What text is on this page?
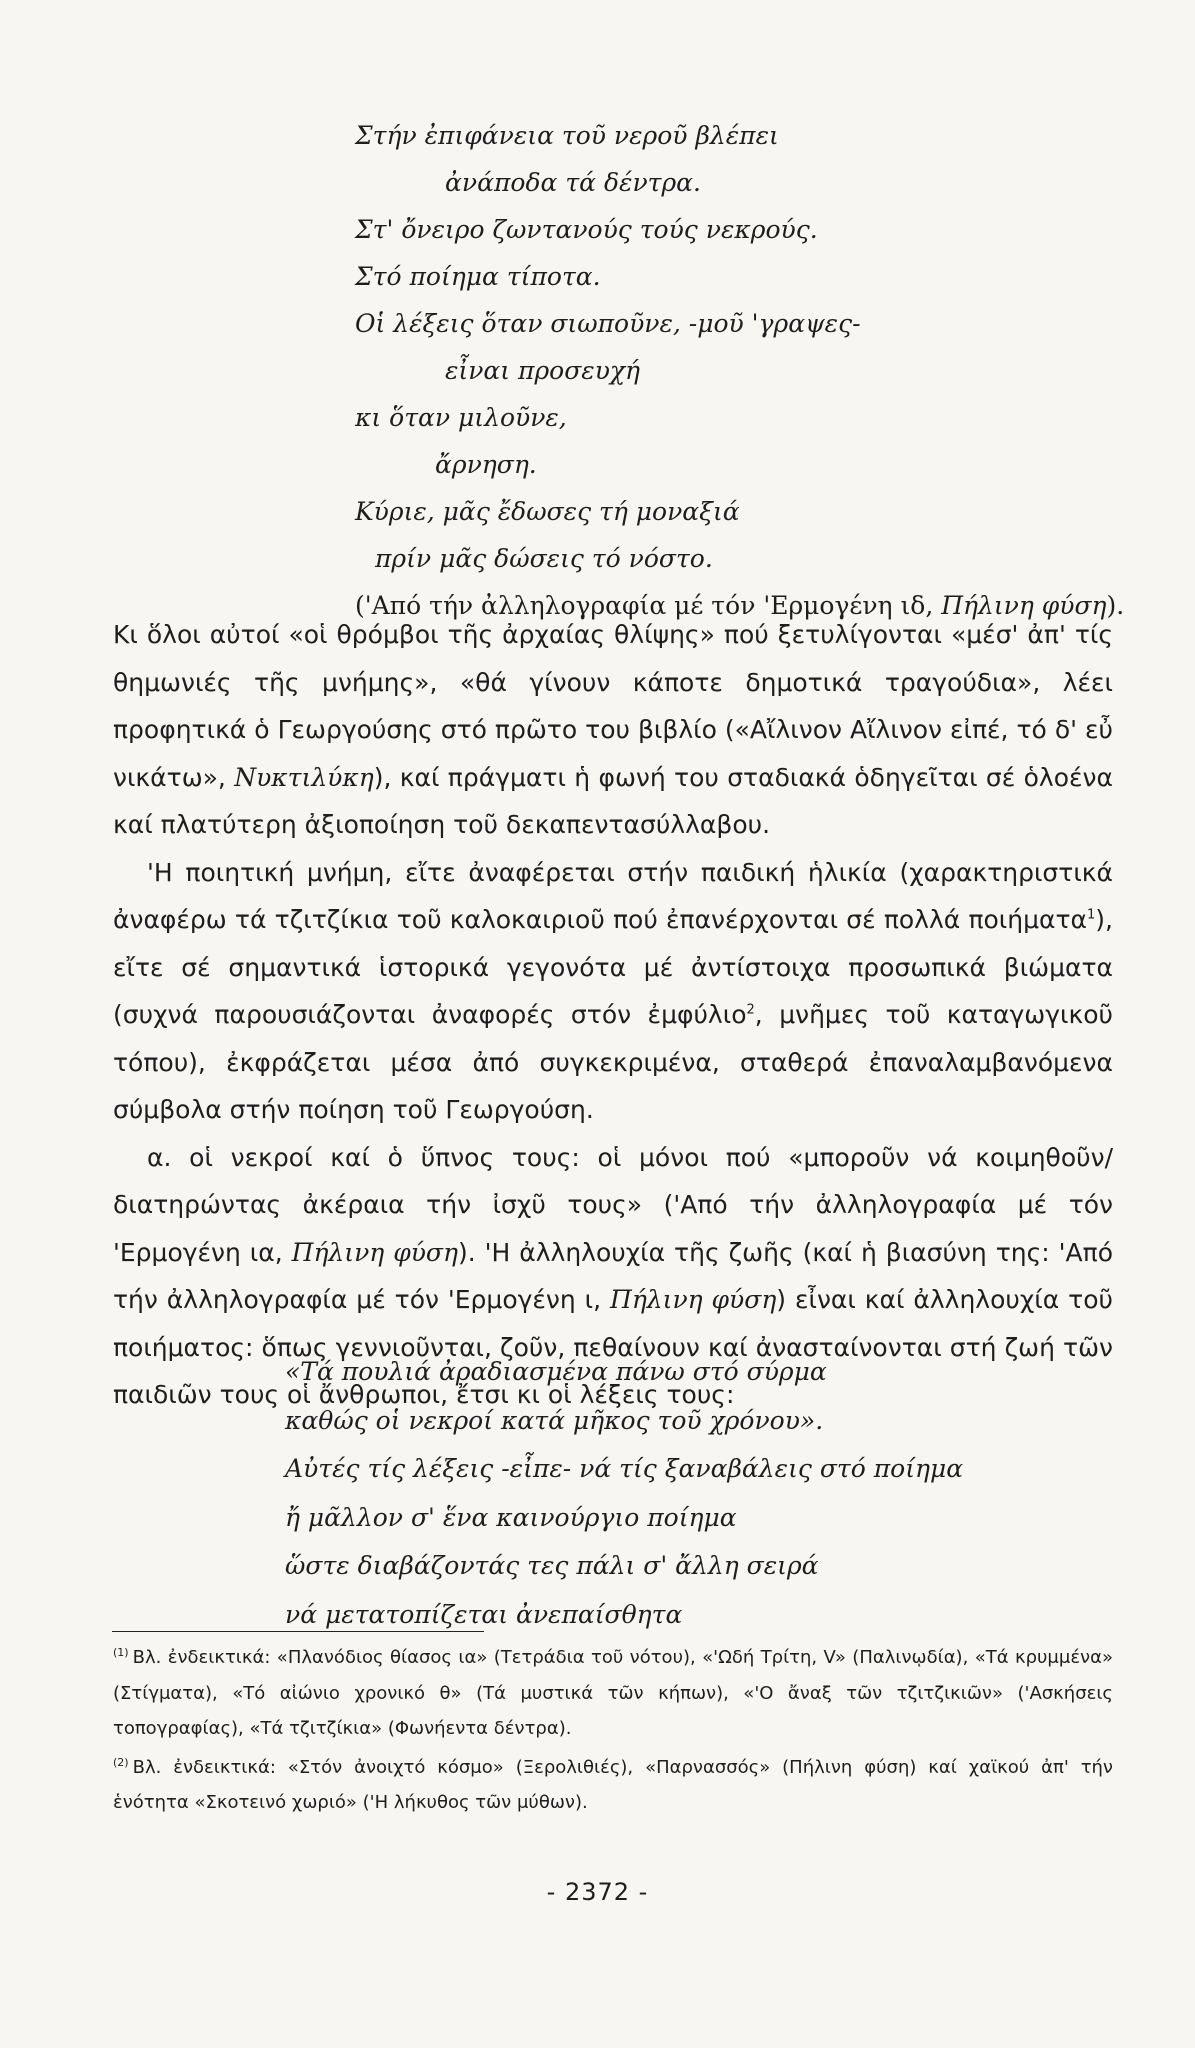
Στήν ἐπιφάνεια τοῦ νεροῦ βλέπει
ἀνάποδα τά δέντρα.
Στ' ὄνειρο ζωντανούς τούς νεκρούς.
Στό ποίημα τίποτα.
Οἱ λέξεις ὅταν σιωποῦνε, -μοῦ 'γραψες-
εἶναι προσευχή
κι ὅταν μιλοῦνε,
ἄρνηση.
Κύριε, μᾶς ἔδωσες τή μοναξιά
πρίν μᾶς δώσεις τό νόστο.
('Από τήν ἀλληλογραφία μέ τόν 'Ερμογένη ιδ, Πήλινη φύση).

Κι ὅλοι αὐτοί «οἱ θρόμβοι τῆς ἀρχαίας θλίψης» πού ξετυλίγονται «μέσ' ἀπ' τίς θημωνιές τῆς μνήμης», «θά γίνουν κάποτε δημοτικά τραγούδια», λέει προφητικά ὁ Γεωργούσης στό πρῶτο του βιβλίο («Αἴλινον Αἴλινον εἰπέ, τό δ' εὖ νικάτω», Νυκτιλύκη), καί πράγματι ἡ φωνή του σταδιακά ὁδηγεῖται σέ ὁλοένα καί πλατύτερη ἀξιοποίηση τοῦ δεκαπεντασύλλαβου.

'Η ποιητική μνήμη, εἴτε ἀναφέρεται στήν παιδική ἡλικία (χαρακτηριστικά ἀναφέρω τά τζιτζίκια τοῦ καλοκαιριοῦ πού ἐπανέρχονται σέ πολλά ποιήματα$^1$), εἴτε σέ σημαντικά ἱστορικά γεγονότα μέ ἀντίστοιχα προσωπικά βιώματα (συχνά παρουσιάζονται ἀναφορές στόν ἐμφύλιο$^2$, μνῆμες τοῦ καταγωγικοῦ τόπου), ἐκφράζεται μέσα ἀπό συγκεκριμένα, σταθερά ἐπαναλαμβανόμενα σύμβολα στήν ποίηση τοῦ Γεωργούση.

α. οἱ νεκροί καί ὁ ὕπνος τους: οἱ μόνοι πού «μποροῦν νά κοιμηθοῦν/διατηρώντας ἀκέραια τήν ἰσχῦ τους» ('Από τήν ἀλληλογραφία μέ τόν 'Ερμογένη ια, Πήλινη φύση). 'Η ἀλληλουχία τῆς ζωῆς (καί ἡ βιασύνη της: 'Από τήν ἀλληλογραφία μέ τόν 'Ερμογένη ι, Πήλινη φύση) εἶναι καί ἀλληλουχία τοῦ ποιήματος: ὅπως γεννιοῦνται, ζοῦν, πεθαίνουν καί ἀνασταίνονται στή ζωή τῶν παιδιῶν τους οἱ ἄνθρωποι, ἔτσι κι οἱ λέξεις τους:

«Τά πουλιά ἀραδιασμένα πάνω στό σύρμα
καθώς οἱ νεκροί κατά μῆκος τοῦ χρόνου».
Αὐτές τίς λέξεις -εἶπε- νά τίς ξαναβάλεις στό ποίημα
ἤ μᾶλλον σ' ἕνα καινούργιο ποίημα
ὥστε διαβάζοντάς τες πάλι σ' ἄλλη σειρά
νά μετατοπίζεται ἀνεπαίσθητα

$^{(1)}$ Βλ. ἐνδεικτικά: «Πλανόδιος θίασος ια» (Τετράδια τοῦ νότου), «'Ωδή Τρίτη, V» (Παλινῳδία), «Τά κρυμμένα» (Στίγματα), «Τό αἰώνιο χρονικό θ» (Τά μυστικά τῶν κήπων), «'Ο ἄναξ τῶν τζιτζικιῶν» ('Ασκήσεις τοπογραφίας), «Τά τζιτζίκια» (Φωνήεντα δέντρα).

$^{(2)}$ Βλ. ἐνδεικτικά: «Στόν ἀνοιχτό κόσμο» (Ξερολιθιές), «Παρνασσός» (Πήλινη φύση) καί χαϊκού ἀπ' τήν ἑνότητα «Σκοτεινό χωριό» ('Η λήκυθος τῶν μύθων).

- 2372 -
